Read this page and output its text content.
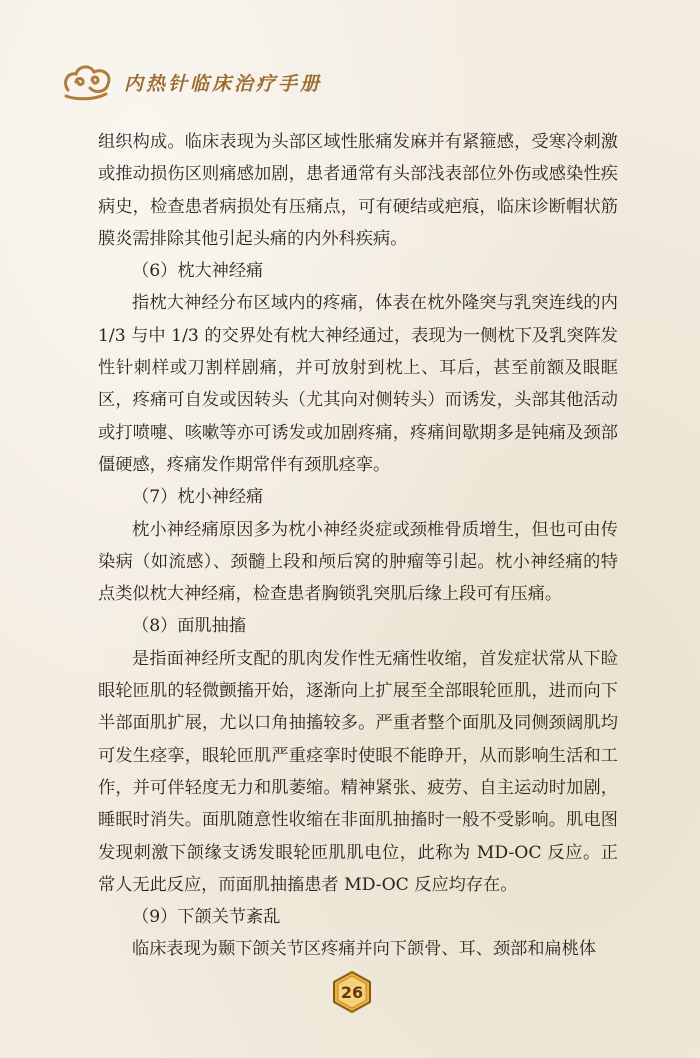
内热针临床治疗手册

组织构成。临床表现为头部区域性胀痛发麻并有紧箍感，受寒冷刺激或推动损伤区则痛感加剧，患者通常有头部浅表部位外伤或感染性疾病史，检查患者病损处有压痛点，可有硬结或疤痕，临床诊断帽状筋膜炎需排除其他引起头痛的内外科疾病。

（6）枕大神经痛

指枕大神经分布区域内的疼痛，体表在枕外隆突与乳突连线的内 1/3 与中 1/3 的交界处有枕大神经通过，表现为一侧枕下及乳突阵发性针刺样或刀割样剧痛，并可放射到枕上、耳后，甚至前额及眼眶区，疼痛可自发或因转头（尤其向对侧转头）而诱发，头部其他活动或打喷嚏、咳嗽等亦可诱发或加剧疼痛，疼痛间歇期多是钝痛及颈部僵硬感，疼痛发作期常伴有颈肌痉挛。

（7）枕小神经痛

枕小神经痛原因多为枕小神经炎症或颈椎骨质增生，但也可由传染病（如流感）、颈髓上段和颅后窝的肿瘤等引起。枕小神经痛的特点类似枕大神经痛，检查患者胸锁乳突肌后缘上段可有压痛。

（8）面肌抽搐

是指面神经所支配的肌肉发作性无痛性收缩，首发症状常从下睑眼轮匝肌的轻微颤搐开始，逐渐向上扩展至全部眼轮匝肌，进而向下半部面肌扩展，尤以口角抽搐较多。严重者整个面肌及同侧颈阔肌均可发生痉挛，眼轮匝肌严重痉挛时使眼不能睁开，从而影响生活和工作，并可伴轻度无力和肌萎缩。精神紧张、疲劳、自主运动时加剧，睡眠时消失。面肌随意性收缩在非面肌抽搐时一般不受影响。肌电图发现刺激下颌缘支诱发眼轮匝肌肌电位，此称为 MD-OC 反应。正常人无此反应，而面肌抽搐患者 MD-OC 反应均存在。

（9）下颌关节紊乱

临床表现为颞下颌关节区疼痛并向下颌骨、耳、颈部和扁桃体

26
